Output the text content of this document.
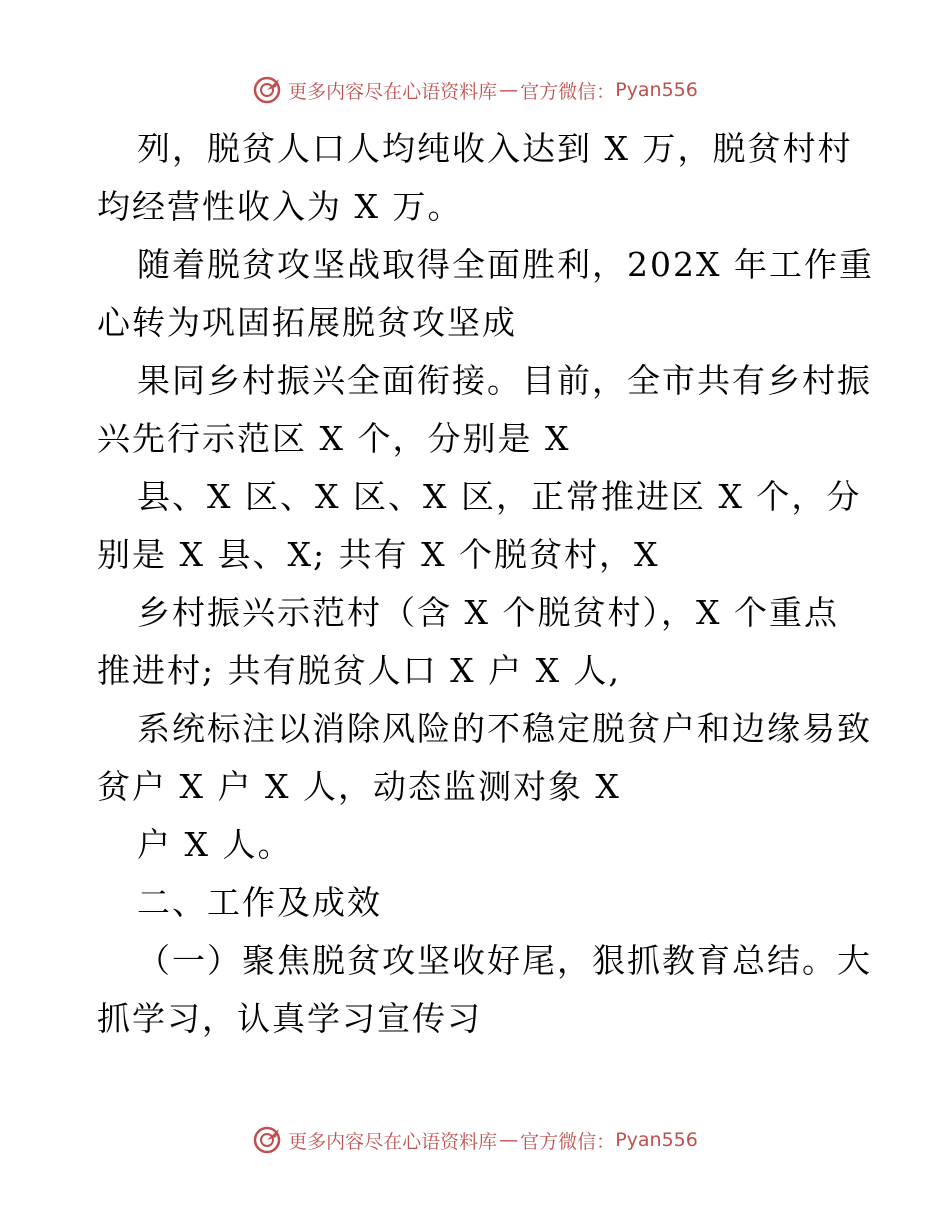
更多内容尽在心语资料库 — 官方微信： Pyan556
列，脱贫人口人均纯收入达到 X 万，脱贫村村
均经营性收入为 X 万。
随着脱贫攻坚战取得全面胜利，202X 年工作重
心转为巩固拓展脱贫攻坚成
果同乡村振兴全面衔接。目前，全市共有乡村振
兴先行示范区 X 个，分别是 X
县、X 区、X 区、X 区，正常推进区 X 个，分
别是 X 县、X; 共有 X 个脱贫村，X
乡村振兴示范村（含 X 个脱贫村），X 个重点
推进村; 共有脱贫人口 X 户 X 人,
系统标注以消除风险的不稳定脱贫户和边缘易致
贫户 X 户 X 人，动态监测对象 X
户 X 人。
二、工作及成效
（一）聚焦脱贫攻坚收好尾，狠抓教育总结。大
抓学习，认真学习宣传习
更多内容尽在心语资料库 — 官方微信： Pyan556
